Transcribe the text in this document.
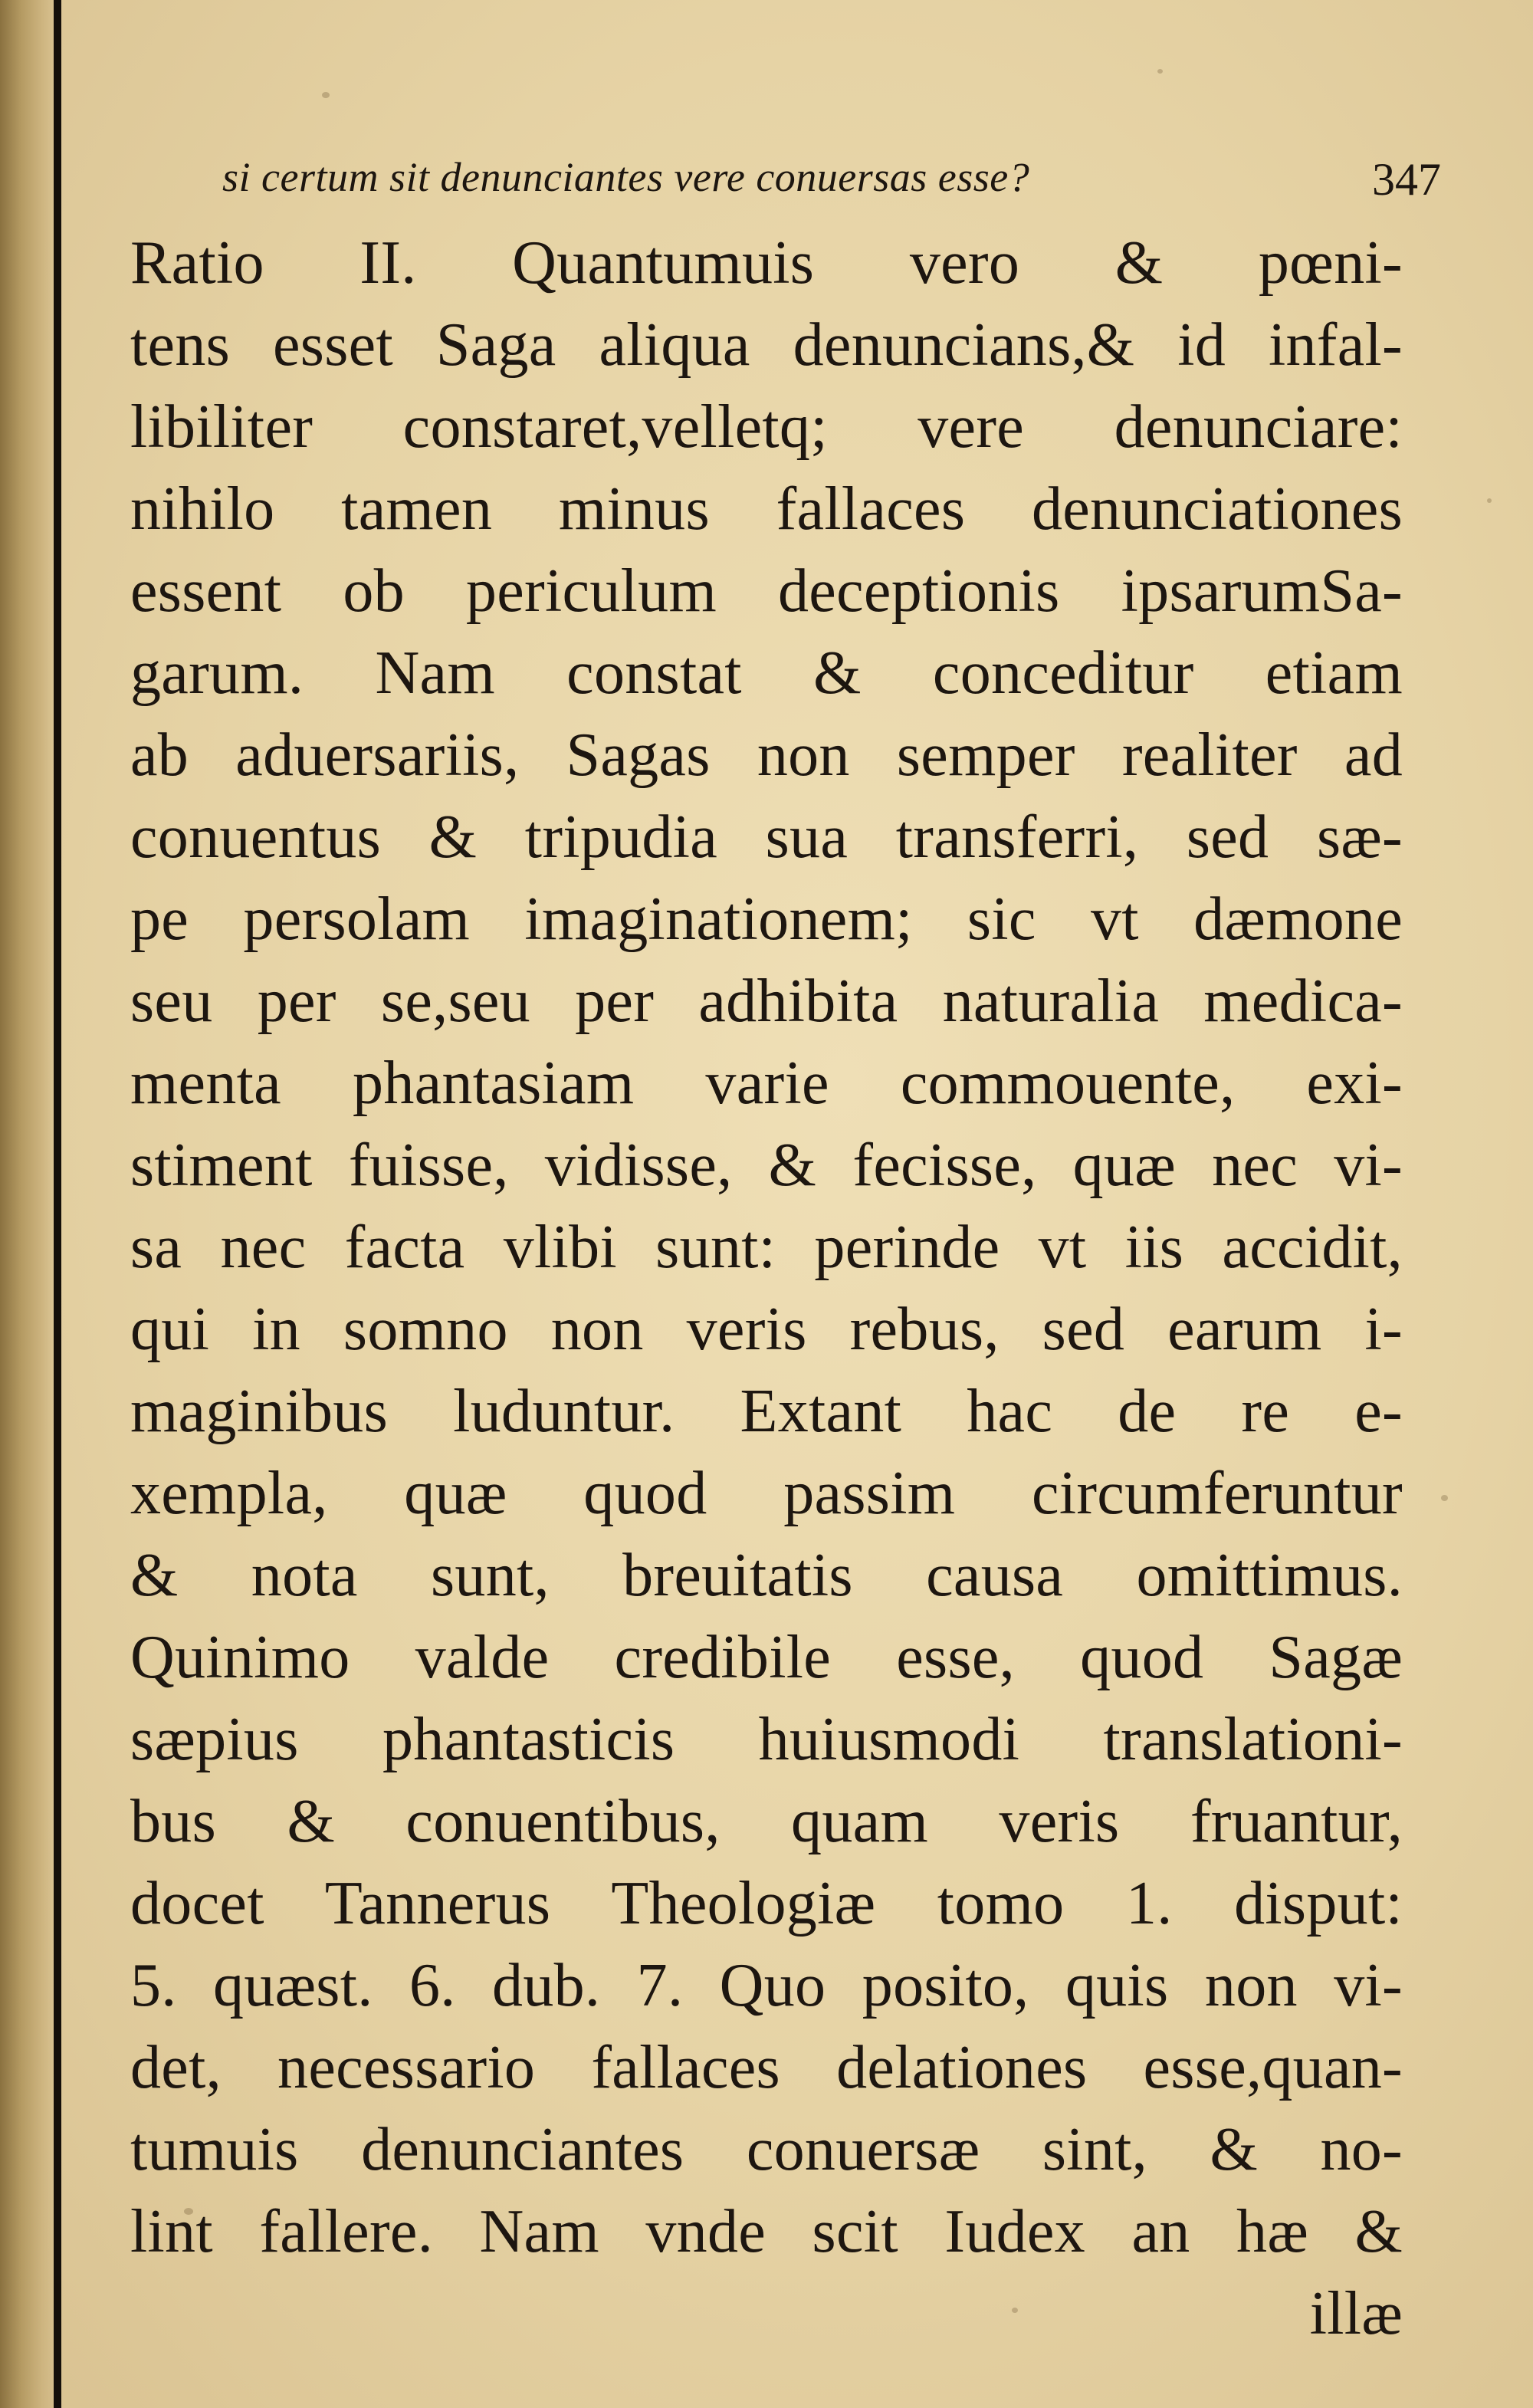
si certum sit denunciantes vere conuersas esse?	347
Ratio II. Quantumuis vero & pœni-
tens esset Saga aliqua denuncians,& id infal-
libiliter constaret,velletq; vere denunciare:
nihilo tamen minus fallaces denunciationes
essent ob periculum deceptionis ipsarumSa-
garum. Nam constat & conceditur etiam
ab aduersariis, Sagas non semper realiter ad
conuentus & tripudia sua transferri, sed sæ-
pe persolam imaginationem; sic vt dæmone
seu per se,seu per adhibita naturalia medica-
menta phantasiam varie commouente, exi-
stiment fuisse, vidisse, & fecisse, quæ nec vi-
sa nec facta vlibi sunt: perinde vt iis accidit,
qui in somno non veris rebus, sed earum i-
maginibus luduntur. Extant hac de re e-
xempla, quæ quod passim circumferuntur
& nota sunt, breuitatis causa omittimus.
Quinimo valde credibile esse, quod Sagæ
sæpius phantasticis huiusmodi translationi-
bus & conuentibus, quam veris fruantur,
docet Tannerus Theologiæ tomo 1. disput:
5. quæst. 6. dub. 7. Quo posito, quis non vi-
det, necessario fallaces delationes esse,quan-
tumuis denunciantes conuersæ sint, & no-
lint fallere. Nam vnde scit Iudex an hæ &
illæ
